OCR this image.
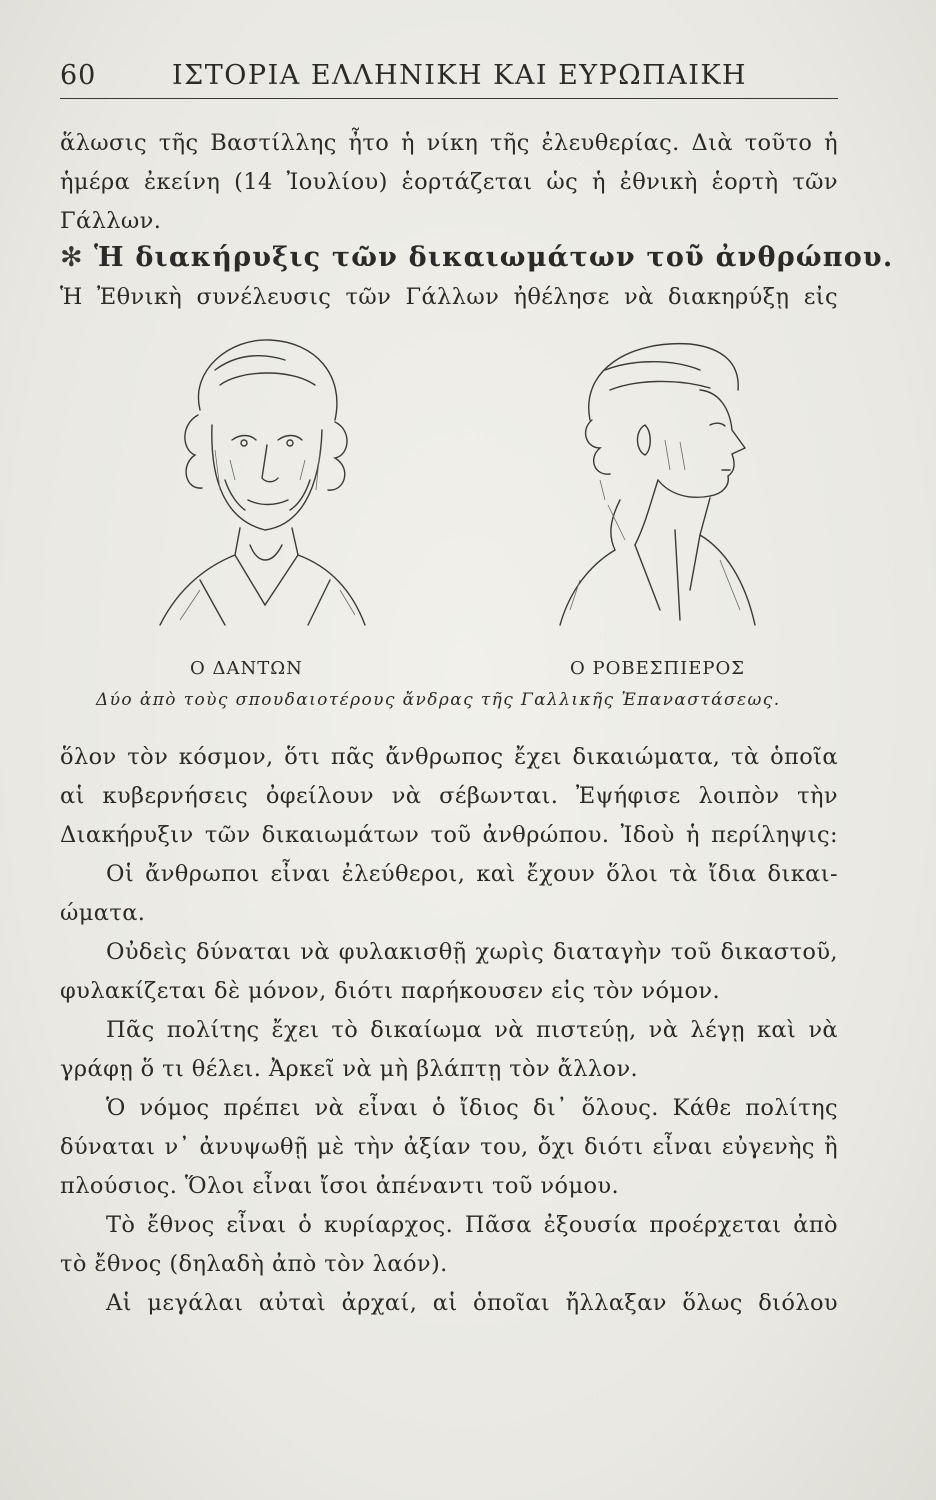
60	ΙΣΤΟΡΙΑ ΕΛΛΗΝΙΚΗ ΚΑΙ ΕΥΡΩΠΑΙΚΗ
ἅλωσις τῆς Βαστίλλης ἦτο ἡ νίκη τῆς ἐλευθερίας. Διὰ τοῦτο ἡ
ἡμέρα ἐκείνη (14 Ἰουλίου) ἑορτάζεται ὡς ἡ ἐθνικὴ ἑορτὴ τῶν
Γάλλων.
✻ Ἡ διακήρυξις τῶν δικαιωμάτων τοῦ ἀνθρώπου.
Ἡ Ἐθνικὴ συνέλευσις τῶν Γάλλων ἠθέλησε νὰ διακηρύξῃ εἰς
Ο ΔΑΝΤΩΝ	Ο ΡΟΒΕΣΠΙΕΡΟΣ
Δύο ἀπὸ τοὺς σπουδαιοτέρους ἄνδρας τῆς Γαλλικῆς Ἐπαναστάσεως.
ὅλον τὸν κόσμον, ὅτι πᾶς ἄνθρωπος ἔχει δικαιώματα, τὰ ὁποῖα
αἱ κυβερνήσεις ὀφείλουν νὰ σέβωνται. Ἐψήφισε λοιπὸν τὴν
Διακήρυξιν τῶν δικαιωμάτων τοῦ ἀνθρώπου. Ἰδοὺ ἡ περίληψις:
Οἱ ἄνθρωποι εἶναι ἐλεύθεροι, καὶ ἔχουν ὅλοι τὰ ἴδια δικαι-
ώματα.
Οὐδεὶς δύναται νὰ φυλακισθῇ χωρὶς διαταγὴν τοῦ δικαστοῦ,
φυλακίζεται δὲ μόνον, διότι παρήκουσεν εἰς τὸν νόμον.
Πᾶς πολίτης ἔχει τὸ δικαίωμα νὰ πιστεύῃ, νὰ λέγῃ καὶ νὰ
γράφῃ ὅ τι θέλει. Ἀρκεῖ νὰ μὴ βλάπτῃ τὸν ἄλλον.
Ὁ νόμος πρέπει νὰ εἶναι ὁ ἴδιος δι᾽ ὅλους. Κάθε πολίτης
δύναται ν᾽ ἀνυψωθῇ μὲ τὴν ἀξίαν του, ὄχι διότι εἶναι εὐγενὴς ἢ
πλούσιος. Ὅλοι εἶναι ἴσοι ἀπέναντι τοῦ νόμου.
Τὸ ἔθνος εἶναι ὁ κυρίαρχος. Πᾶσα ἐξουσία προέρχεται ἀπὸ
τὸ ἔθνος (δηλαδὴ ἀπὸ τὸν λαόν).
Αἱ μεγάλαι αὐταὶ ἀρχαί, αἱ ὁποῖαι ἤλλαξαν ὅλως διόλου
